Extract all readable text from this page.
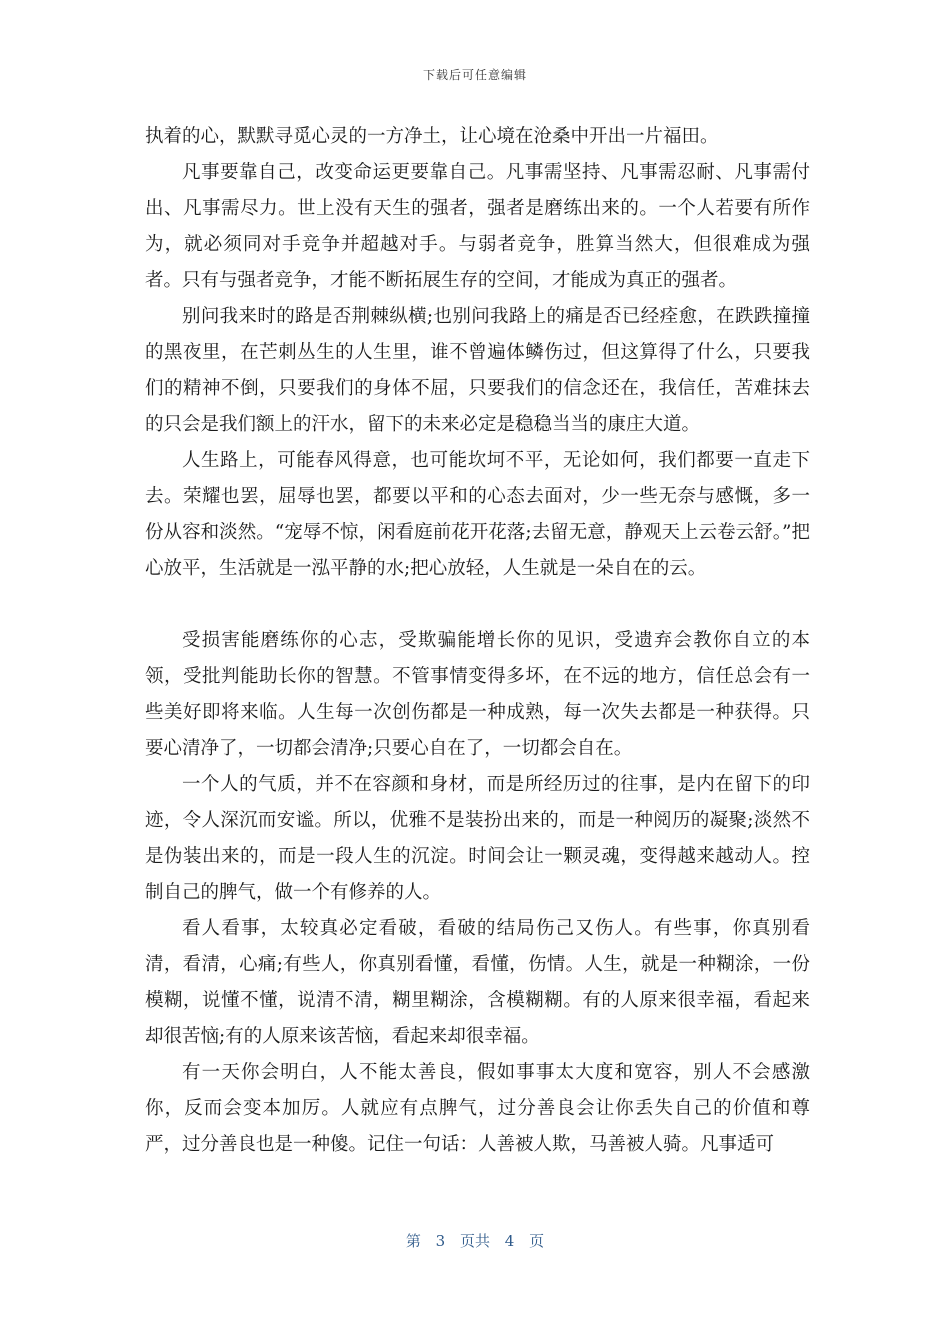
下载后可任意编辑

执着的心，默默寻觅心灵的一方净土，让心境在沧桑中开出一片福田。

凡事要靠自己，改变命运更要靠自己。凡事需坚持、凡事需忍耐、凡事需付出、凡事需尽力。世上没有天生的强者，强者是磨练出来的。一个人若要有所作为，就必须同对手竞争并超越对手。与弱者竞争，胜算当然大，但很难成为强者。只有与强者竞争，才能不断拓展生存的空间，才能成为真正的强者。

别问我来时的路是否荆棘纵横;也别问我路上的痛是否已经痊愈，在跌跌撞撞的黑夜里，在芒刺丛生的人生里，谁不曾遍体鳞伤过，但这算得了什么，只要我们的精神不倒，只要我们的身体不屈，只要我们的信念还在，我信任，苦难抹去的只会是我们额上的汗水，留下的未来必定是稳稳当当的康庄大道。

人生路上，可能春风得意，也可能坎坷不平，无论如何，我们都要一直走下去。荣耀也罢，屈辱也罢，都要以平和的心态去面对，少一些无奈与感慨，多一份从容和淡然。“宠辱不惊，闲看庭前花开花落;去留无意，静观天上云卷云舒。”把心放平，生活就是一泓平静的水;把心放轻，人生就是一朵自在的云。

受损害能磨练你的心志，受欺骗能增长你的见识，受遗弃会教你自立的本领，受批判能助长你的智慧。不管事情变得多坏，在不远的地方，信任总会有一些美好即将来临。人生每一次创伤都是一种成熟，每一次失去都是一种获得。只要心清净了，一切都会清净;只要心自在了，一切都会自在。

一个人的气质，并不在容颜和身材，而是所经历过的往事，是内在留下的印迹，令人深沉而安谧。所以，优雅不是装扮出来的，而是一种阅历的凝聚;淡然不是伪装出来的，而是一段人生的沉淀。时间会让一颗灵魂，变得越来越动人。控制自己的脾气，做一个有修养的人。

看人看事，太较真必定看破，看破的结局伤己又伤人。有些事，你真别看清，看清，心痛;有些人，你真别看懂，看懂，伤情。人生，就是一种糊涂，一份模糊，说懂不懂，说清不清，糊里糊涂，含模糊糊。有的人原来很幸福，看起来却很苦恼;有的人原来该苦恼，看起来却很幸福。

有一天你会明白，人不能太善良，假如事事太大度和宽容，别人不会感激你，反而会变本加厉。人就应有点脾气，过分善良会让你丢失自己的价值和尊严，过分善良也是一种傻。记住一句话：人善被人欺，马善被人骑。凡事适可

第 3 页共 4 页
